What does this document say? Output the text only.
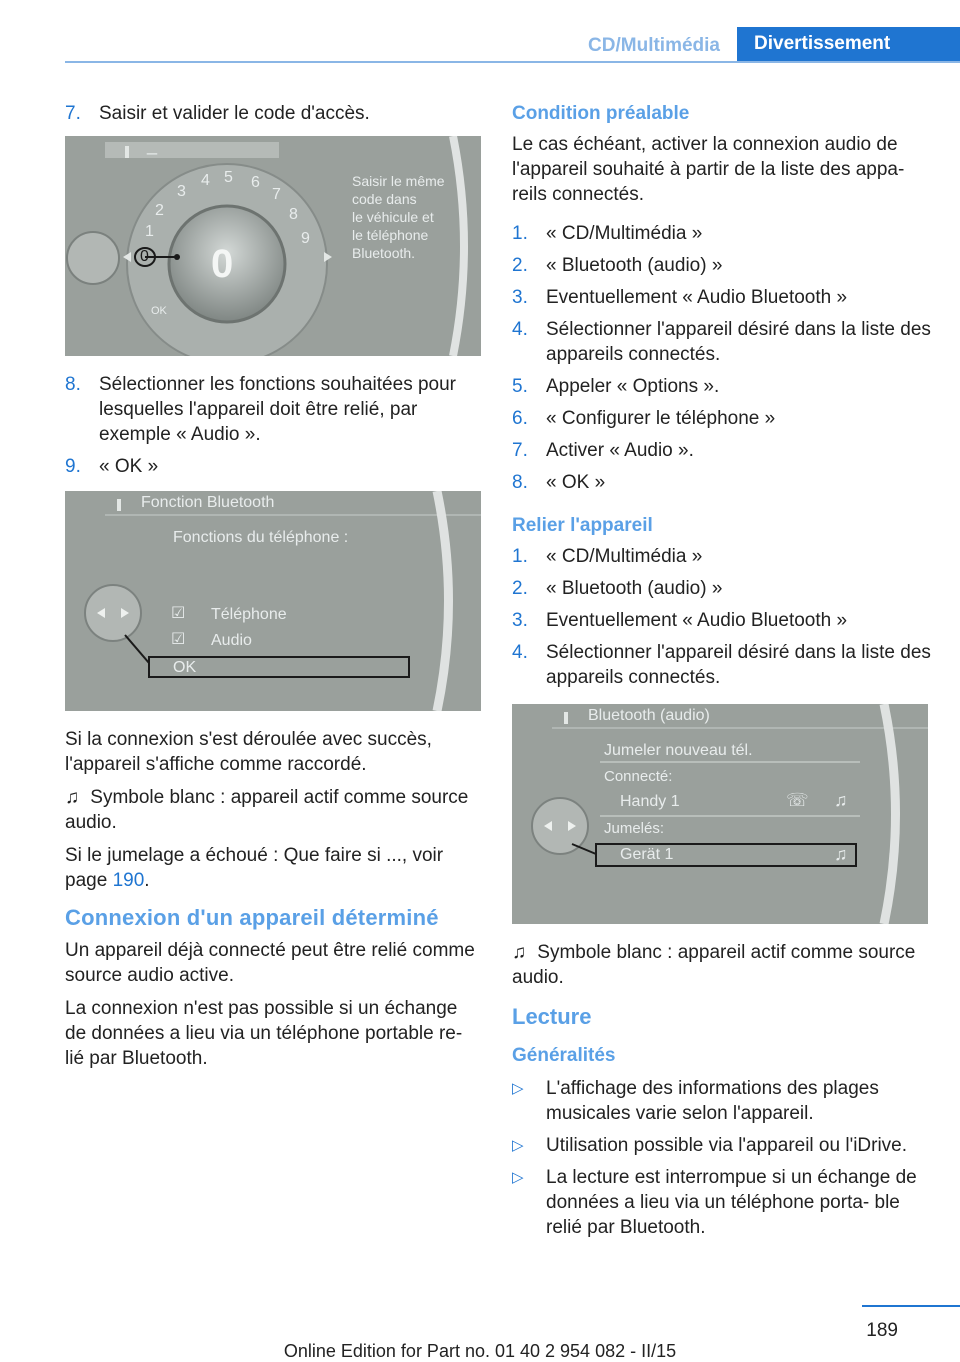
CD/Multimédia	Divertissement
7. Saisir et valider le code d'accès.
_
1
2
3
4 5 6
7
8
9
0 0
OK
Saisir le même
code dans
le véhicule et
le téléphone
Bluetooth.
8. Sélectionner les fonctions souhaitées pour lesquelles l'appareil doit être relié, par exemple « Audio ».
9. « OK »
Fonction Bluetooth
Fonctions du téléphone :
☑ Téléphone
☑ Audio
OK

Si la connexion s'est déroulée avec succès, l'appareil s'affiche comme raccordé.

♫ Symbole blanc : appareil actif comme source audio.

Si le jumelage a échoué : Que faire si ..., voir page 190.

Connexion d'un appareil déterminé

Un appareil déjà connecté peut être relié comme source audio active.

La connexion n'est pas possible si un échange de données a lieu via un téléphone portable re- lié par Bluetooth.

Condition préalable

Le cas échéant, activer la connexion audio de l'appareil souhaité à partir de la liste des appa- reils connectés.

1. « CD/Multimédia »
2. « Bluetooth (audio) »
3. Eventuellement « Audio Bluetooth »
4. Sélectionner l'appareil désiré dans la liste des appareils connectés.
5. Appeler « Options ».
6. « Configurer le téléphone »
7. Activer « Audio ».
8. « OK »
Relier l'appareil
1. « CD/Multimédia »
2. « Bluetooth (audio) »
3. Eventuellement « Audio Bluetooth »
4. Sélectionner l'appareil désiré dans la liste des appareils connectés.
Bluetooth (audio)
Jumeler nouveau tél.
Connecté:
Handy 1	☏ ♫
Jumelés:
Gerät 1	♫

♫ Symbole blanc : appareil actif comme source audio.

Lecture
Généralités
▷ L'affichage des informations des plages musicales varie selon l'appareil.
▷ Utilisation possible via l'appareil ou l'iDrive.
▷ La lecture est interrompue si un échange de données a lieu via un téléphone porta- ble relié par Bluetooth.
189
Online Edition for Part no. 01 40 2 954 082 - II/15
